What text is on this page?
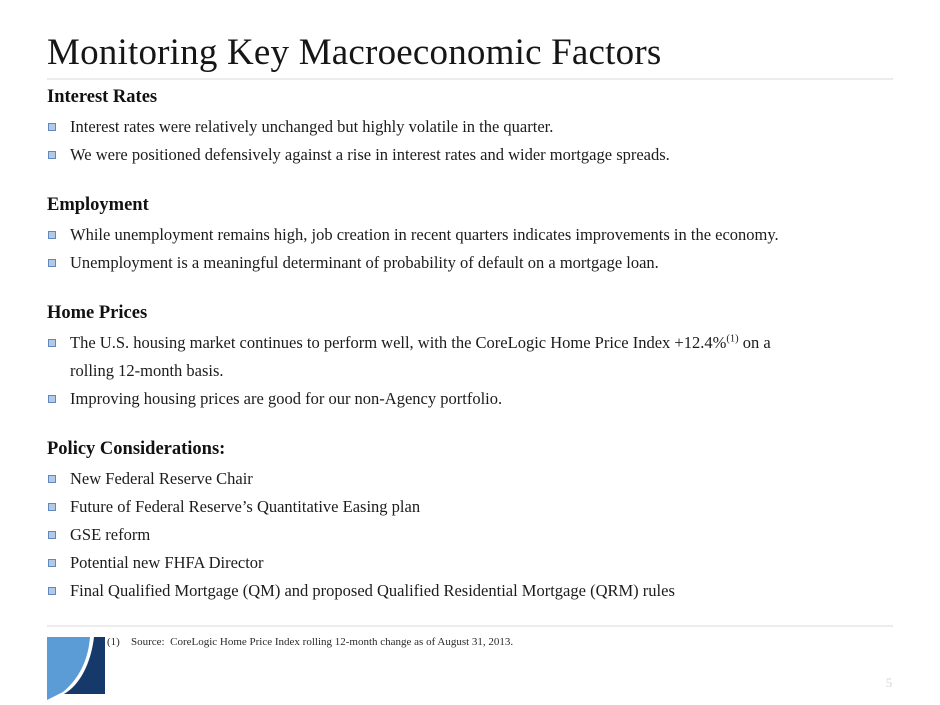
Monitoring Key Macroeconomic Factors
Interest Rates
Interest rates were relatively unchanged but highly volatile in the quarter.
We were positioned defensively against a rise in interest rates and wider mortgage spreads.
Employment
While unemployment remains high, job creation in recent quarters indicates improvements in the economy.
Unemployment is a meaningful determinant of probability of default on a mortgage loan.
Home Prices
The U.S. housing market continues to perform well, with the CoreLogic Home Price Index +12.4%$^{(1)}$ on a
rolling 12-month basis.
Improving housing prices are good for our non-Agency portfolio.
Policy Considerations:
New Federal Reserve Chair
Future of Federal Reserve’s Quantitative Easing plan
GSE reform
Potential new FHFA Director
Final Qualified Mortgage (QM) and proposed Qualified Residential Mortgage (QRM) rules
(1) Source:  CoreLogic Home Price Index rolling 12-month change as of August 31, 2013.
5
